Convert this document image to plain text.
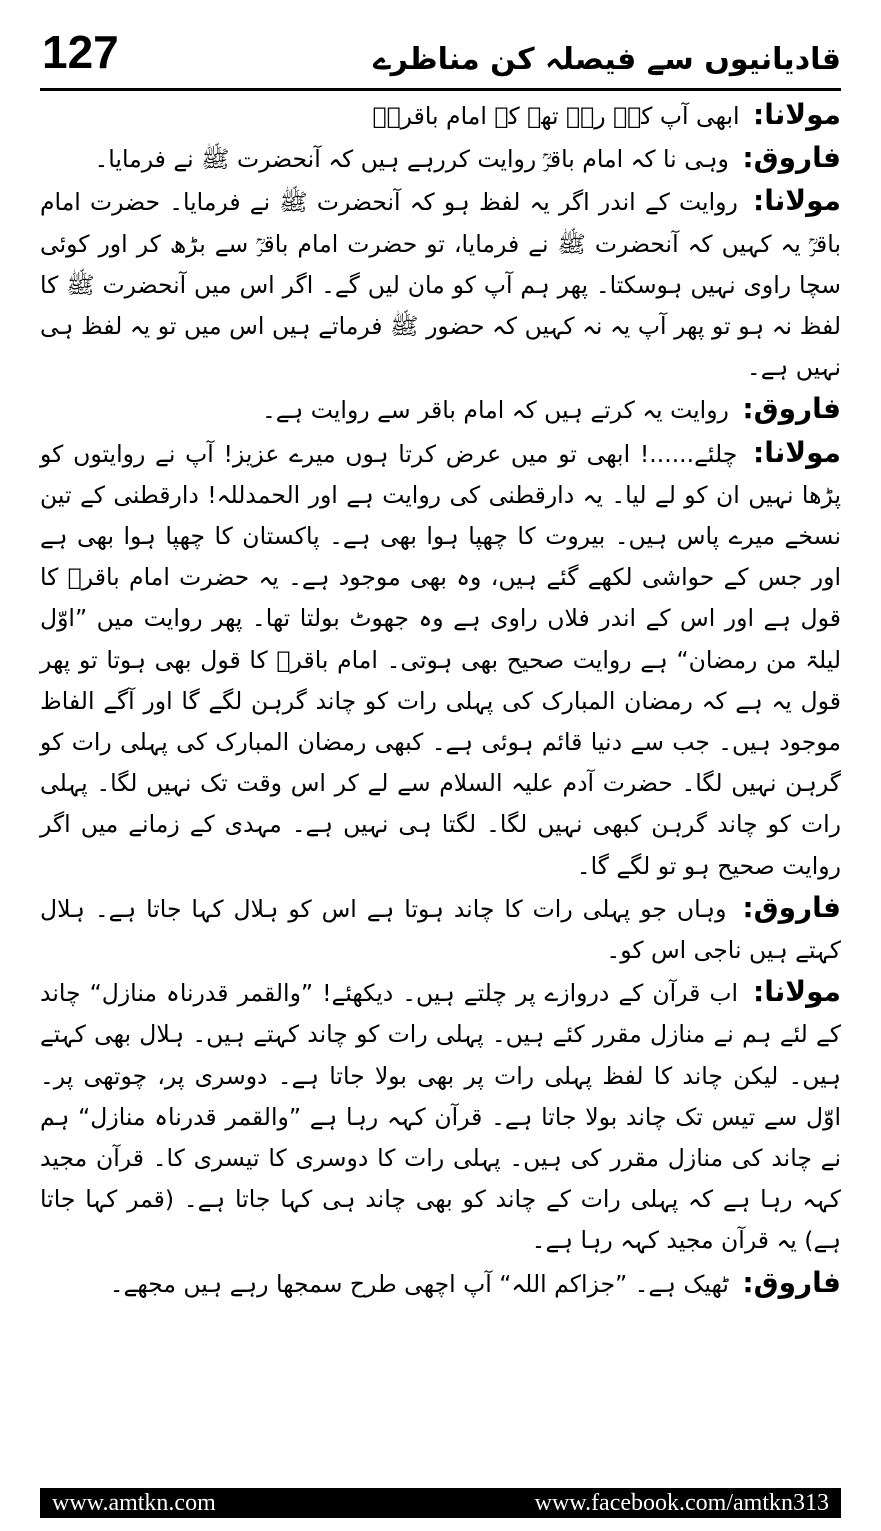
127	قادیانیوں سے فیصلہ کن مناظرے

مولانا: ابھی آپ کہہ رہے تھے کہ امام باقرؒ۔

فاروق: وہی نا کہ امام باقرؒ روایت کررہے ہیں کہ آنحضرت ﷺ نے فرمایا۔

مولانا: روایت کے اندر اگر یہ لفظ ہو کہ آنحضرت ﷺ نے فرمایا۔ حضرت امام باقرؒ یہ کہیں کہ آنحضرت ﷺ نے فرمایا، تو حضرت امام باقرؒ سے بڑھ کر اور کوئی سچا راوی نہیں ہوسکتا۔ پھر ہم آپ کو مان لیں گے۔ اگر اس میں آنحضرت ﷺ کا لفظ نہ ہو تو پھر آپ یہ نہ کہیں کہ حضور ﷺ فرماتے ہیں اس میں تو یہ لفظ ہی نہیں ہے۔

فاروق: روایت یہ کرتے ہیں کہ امام باقر سے روایت ہے۔

مولانا: چلئے......! ابھی تو میں عرض کرتا ہوں میرے عزیز! آپ نے روایتوں کو پڑھا نہیں ان کو لے لیا۔ یہ دارقطنی کی روایت ہے اور الحمدللہ! دارقطنی کے تین نسخے میرے پاس ہیں۔ بیروت کا چھپا ہوا بھی ہے۔ پاکستان کا چھپا ہوا بھی ہے اور جس کے حواشی لکھے گئے ہیں، وہ بھی موجود ہے۔ یہ حضرت امام باقرؒ کا قول ہے اور اس کے اندر فلاں راوی ہے وہ جھوٹ بولتا تھا۔ پھر روایت میں ”اوّل لیلۃ من رمضان“ ہے روایت صحیح بھی ہوتی۔ امام باقرؒ کا قول بھی ہوتا تو پھر قول یہ ہے کہ رمضان المبارک کی پہلی رات کو چاند گرہن لگے گا اور آگے الفاظ موجود ہیں۔ جب سے دنیا قائم ہوئی ہے۔ کبھی رمضان المبارک کی پہلی رات کو گرہن نہیں لگا۔ حضرت آدم علیہ السلام سے لے کر اس وقت تک نہیں لگا۔ پہلی رات کو چاند گرہن کبھی نہیں لگا۔ لگتا ہی نہیں ہے۔ مہدی کے زمانے میں اگر روایت صحیح ہو تو لگے گا۔

فاروق: وہاں جو پہلی رات کا چاند ہوتا ہے اس کو ہلال کہا جاتا ہے۔ ہلال کہتے ہیں ناجی اس کو۔

مولانا: اب قرآن کے دروازے پر چلتے ہیں۔ دیکھئے! ”والقمر قدرناہ منازل“ چاند کے لئے ہم نے منازل مقرر کئے ہیں۔ پہلی رات کو چاند کہتے ہیں۔ ہلال بھی کہتے ہیں۔ لیکن چاند کا لفظ پہلی رات پر بھی بولا جاتا ہے۔ دوسری پر، چوتھی پر۔ اوّل سے تیس تک چاند بولا جاتا ہے۔ قرآن کہہ رہا ہے ”والقمر قدرناہ منازل“ ہم نے چاند کی منازل مقرر کی ہیں۔ پہلی رات کا دوسری کا تیسری کا۔ قرآن مجید کہہ رہا ہے کہ پہلی رات کے چاند کو بھی چاند ہی کہا جاتا ہے۔ (قمر کہا جاتا ہے) یہ قرآن مجید کہہ رہا ہے۔

فاروق: ٹھیک ہے۔ ”جزاکم اللہ“ آپ اچھی طرح سمجھا رہے ہیں مجھے۔

www.amtkn.com	www.facebook.com/amtkn313
